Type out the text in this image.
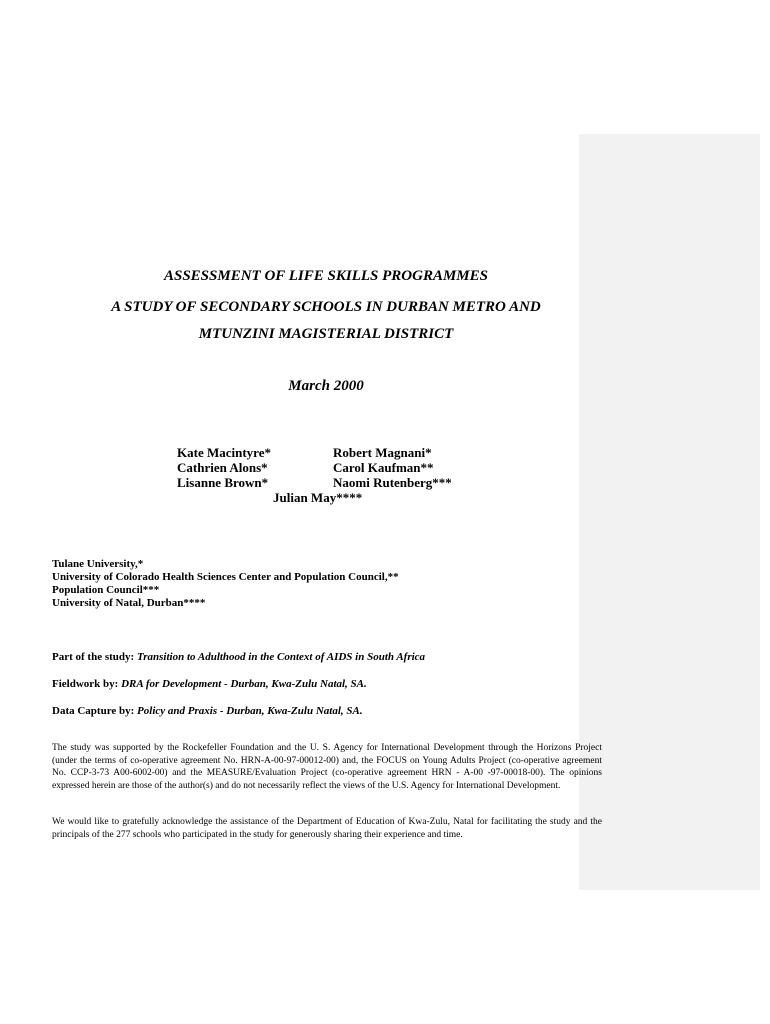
ASSESSMENT OF LIFE SKILLS PROGRAMMES
A STUDY OF SECONDARY SCHOOLS IN DURBAN METRO AND
MTUNZINI MAGISTERIAL DISTRICT
March 2000
Kate Macintyre*	Robert Magnani*
Cathrien Alons*	Carol Kaufman**
Lisanne Brown*	Naomi Rutenberg***
Julian May****
Tulane University,*
University of Colorado Health Sciences Center and Population Council,**
Population Council***
University of Natal, Durban****
Part of the study: Transition to Adulthood in the Context of AIDS in South Africa
Fieldwork by: DRA for Development - Durban, Kwa-Zulu Natal, SA.
Data Capture by: Policy and Praxis - Durban, Kwa-Zulu Natal, SA.

The study was supported by the Rockefeller Foundation and the U. S. Agency for International Development through the Horizons Project (under the terms of co-operative agreement No. HRN-A-00-97-00012-00) and, the FOCUS on Young Adults Project (co-operative agreement No. CCP-3-73 A00-6002-00) and the MEASURE/Evaluation Project (co-operative agreement HRN - A-00 -97-00018-00). The opinions expressed herein are those of the author(s) and do not necessarily reflect the views of the U.S. Agency for International Development.

We would like to gratefully acknowledge the assistance of the Department of Education of Kwa-Zulu, Natal for facilitating the study and the principals of the 277 schools who participated in the study for generously sharing their experience and time.
